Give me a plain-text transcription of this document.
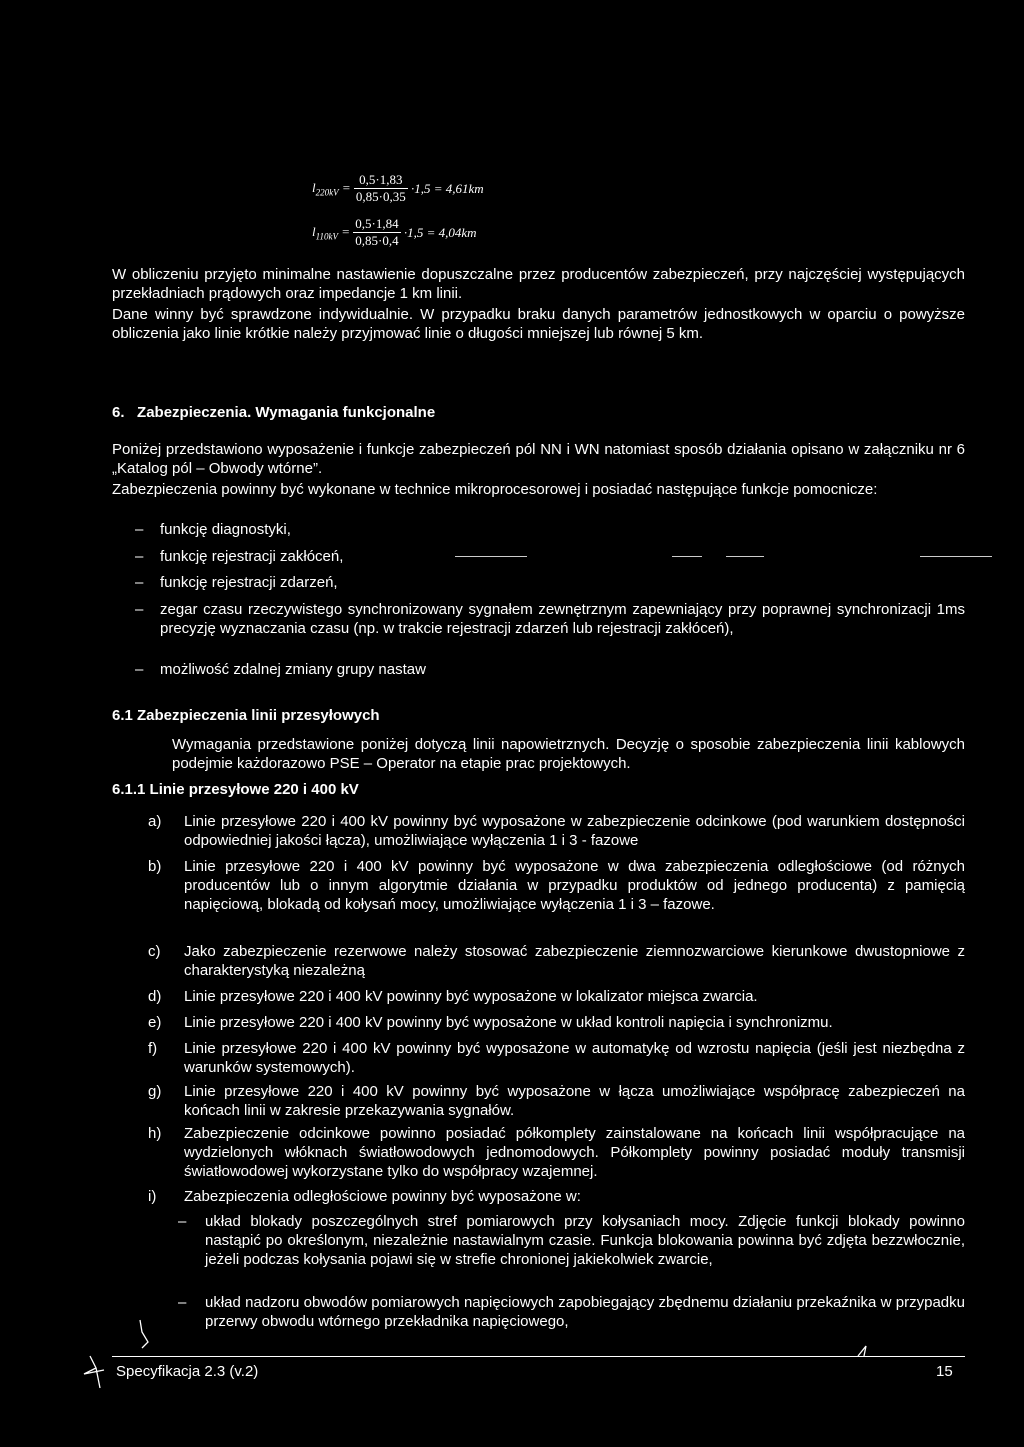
$l_{220kV} = \frac{0,5\cdot 1,83}{0,85\cdot 0,35} \cdot 1,5 = 4,61km$
$l_{110kV} = \frac{0,5\cdot 1,84}{0,85\cdot 0,4} \cdot 1,5 = 4,04km$
W obliczeniu przyjęto minimalne nastawienie dopuszczalne przez producentów zabezpieczeń, przy najczęściej występujących przekładniach prądowych oraz impedancje 1 km linii.
Dane winny być sprawdzone indywidualnie. W przypadku braku danych parametrów jednostkowych w oparciu o powyższe obliczenia jako linie krótkie należy przyjmować linie o długości mniejszej lub równej 5 km.
6. Zabezpieczenia. Wymagania funkcjonalne
Poniżej przedstawiono wyposażenie i funkcje zabezpieczeń pól NN i WN natomiast sposób działania opisano w załączniku nr 6 „Katalog pól – Obwody wtórne”.
Zabezpieczenia powinny być wykonane w technice mikroprocesorowej i posiadać następujące funkcje pomocnicze:
– funkcję diagnostyki,
– funkcję rejestracji zakłóceń,
– funkcję rejestracji zdarzeń,
– zegar czasu rzeczywistego synchronizowany sygnałem zewnętrznym zapewniający przy poprawnej synchronizacji 1ms precyzję wyznaczania czasu (np. w trakcie rejestracji zdarzeń lub rejestracji zakłóceń),
– możliwość zdalnej zmiany grupy nastaw
6.1 Zabezpieczenia linii przesyłowych
Wymagania przedstawione poniżej dotyczą linii napowietrznych. Decyzję o sposobie zabezpieczenia linii kablowych podejmie każdorazowo PSE – Operator na etapie prac projektowych.
6.1.1 Linie przesyłowe 220 i 400 kV
a) Linie przesyłowe 220 i 400 kV powinny być wyposażone w zabezpieczenie odcinkowe (pod warunkiem dostępności odpowiedniej jakości łącza), umożliwiające wyłączenia 1 i 3 - fazowe
b) Linie przesyłowe 220 i 400 kV powinny być wyposażone w dwa zabezpieczenia odległościowe (od różnych producentów lub o innym algorytmie działania w przypadku produktów od jednego producenta) z pamięcią napięciową, blokadą od kołysań mocy, umożliwiające wyłączenia 1 i 3 – fazowe.
c) Jako zabezpieczenie rezerwowe należy stosować zabezpieczenie ziemnozwarciowe kierunkowe dwustopniowe z charakterystyką niezależną
d) Linie przesyłowe 220 i 400 kV powinny być wyposażone w lokalizator miejsca zwarcia.
e) Linie przesyłowe 220 i 400 kV powinny być wyposażone w układ kontroli napięcia i synchronizmu.
f) Linie przesyłowe 220 i 400 kV powinny być wyposażone w automatykę od wzrostu napięcia (jeśli jest niezbędna z warunków systemowych).
g) Linie przesyłowe 220 i 400 kV powinny być wyposażone w łącza umożliwiające współpracę zabezpieczeń na końcach linii w zakresie przekazywania sygnałów.
h) Zabezpieczenie odcinkowe powinno posiadać półkomplety zainstalowane na końcach linii współpracujące na wydzielonych włóknach światłowodowych jednomodowych. Półkomplety powinny posiadać moduły transmisji światłowodowej wykorzystane tylko do współpracy wzajemnej.
i) Zabezpieczenia odległościowe powinny być wyposażone w:
– układ blokady poszczególnych stref pomiarowych przy kołysaniach mocy. Zdjęcie funkcji blokady powinno nastąpić po określonym, niezależnie nastawialnym czasie. Funkcja blokowania powinna być zdjęta bezzwłocznie, jeżeli podczas kołysania pojawi się w strefie chronionej jakiekolwiek zwarcie,
– układ nadzoru obwodów pomiarowych napięciowych zapobiegający zbędnemu działaniu przekaźnika w przypadku przerwy obwodu wtórnego przekładnika napięciowego,
Specyfikacja 2.3 (v.2)	15
